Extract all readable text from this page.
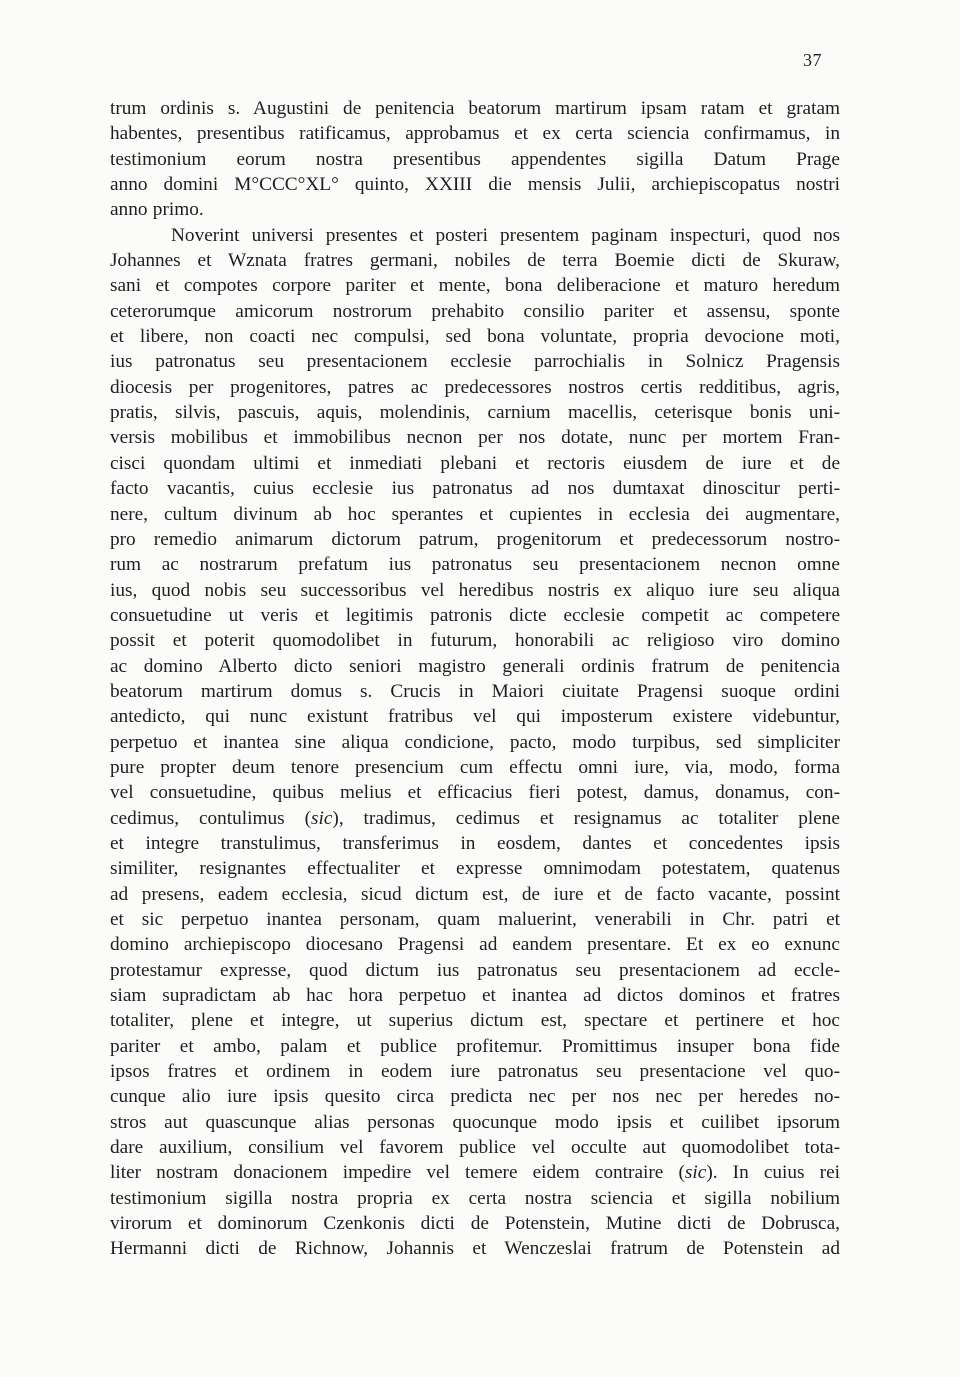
37
trum ordinis s. Augustini de penitencia beatorum martirum ipsam ratam et gratam
habentes, presentibus ratificamus, approbamus et ex certa sciencia confirmamus, in
testimonium eorum nostra presentibus appendentes sigilla Datum Prage
anno domini M°CCC°XL° quinto, XXIII die mensis Julii, archiepiscopatus nostri
anno primo.
Noverint universi presentes et posteri presentem paginam inspecturi, quod nos
Johannes et Wznata fratres germani, nobiles de terra Boemie dicti de Skuraw,
sani et compotes corpore pariter et mente, bona deliberacione et maturo heredum
ceterorumque amicorum nostrorum prehabito consilio pariter et assensu, sponte
et libere, non coacti nec compulsi, sed bona voluntate, propria devocione moti,
ius patronatus seu presentacionem ecclesie parrochialis in Solnicz Pragensis
diocesis per progenitores, patres ac predecessores nostros certis redditibus, agris,
pratis, silvis, pascuis, aquis, molendinis, carnium macellis, ceterisque bonis uni-
versis mobilibus et immobilibus necnon per nos dotate, nunc per mortem Fran-
cisci quondam ultimi et inmediati plebani et rectoris eiusdem de iure et de
facto vacantis, cuius ecclesie ius patronatus ad nos dumtaxat dinoscitur perti-
nere, cultum divinum ab hoc sperantes et cupientes in ecclesia dei augmentare,
pro remedio animarum dictorum patrum, progenitorum et predecessorum nostro-
rum ac nostrarum prefatum ius patronatus seu presentacionem necnon omne
ius, quod nobis seu successoribus vel heredibus nostris ex aliquo iure seu aliqua
consuetudine ut veris et legitimis patronis dicte ecclesie competit ac competere
possit et poterit quomodolibet in futurum, honorabili ac religioso viro domino
ac domino Alberto dicto seniori magistro generali ordinis fratrum de penitencia
beatorum martirum domus s. Crucis in Maiori ciuitate Pragensi suoque ordini
antedicto, qui nunc existunt fratribus vel qui imposterum existere videbuntur,
perpetuo et inantea sine aliqua condicione, pacto, modo turpibus, sed simpliciter
pure propter deum tenore presencium cum effectu omni iure, via, modo, forma
vel consuetudine, quibus melius et efficacius fieri potest, damus, donamus, con-
cedimus, contulimus (sic), tradimus, cedimus et resignamus ac totaliter plene
et integre transtulimus, transferimus in eosdem, dantes et concedentes ipsis
similiter, resignantes effectualiter et expresse omnimodam potestatem, quatenus
ad presens, eadem ecclesia, sicud dictum est, de iure et de facto vacante, possint
et sic perpetuo inantea personam, quam maluerint, venerabili in Chr. patri et
domino archiepiscopo diocesano Pragensi ad eandem presentare. Et ex eo exnunc
protestamur expresse, quod dictum ius patronatus seu presentacionem ad eccle-
siam supradictam ab hac hora perpetuo et inantea ad dictos dominos et fratres
totaliter, plene et integre, ut superius dictum est, spectare et pertinere et hoc
pariter et ambo, palam et publice profitemur. Promittimus insuper bona fide
ipsos fratres et ordinem in eodem iure patronatus seu presentacione vel quo-
cunque alio iure ipsis quesito circa predicta nec per nos nec per heredes no-
stros aut quascunque alias personas quocunque modo ipsis et cuilibet ipsorum
dare auxilium, consilium vel favorem publice vel occulte aut quomodolibet tota-
liter nostram donacionem impedire vel temere eidem contraire (sic). In cuius rei
testimonium sigilla nostra propria ex certa nostra sciencia et sigilla nobilium
virorum et dominorum Czenkonis dicti de Potenstein, Mutine dicti de Dobrusca,
Hermanni dicti de Richnow, Johannis et Wenczeslai fratrum de Potenstein ad
